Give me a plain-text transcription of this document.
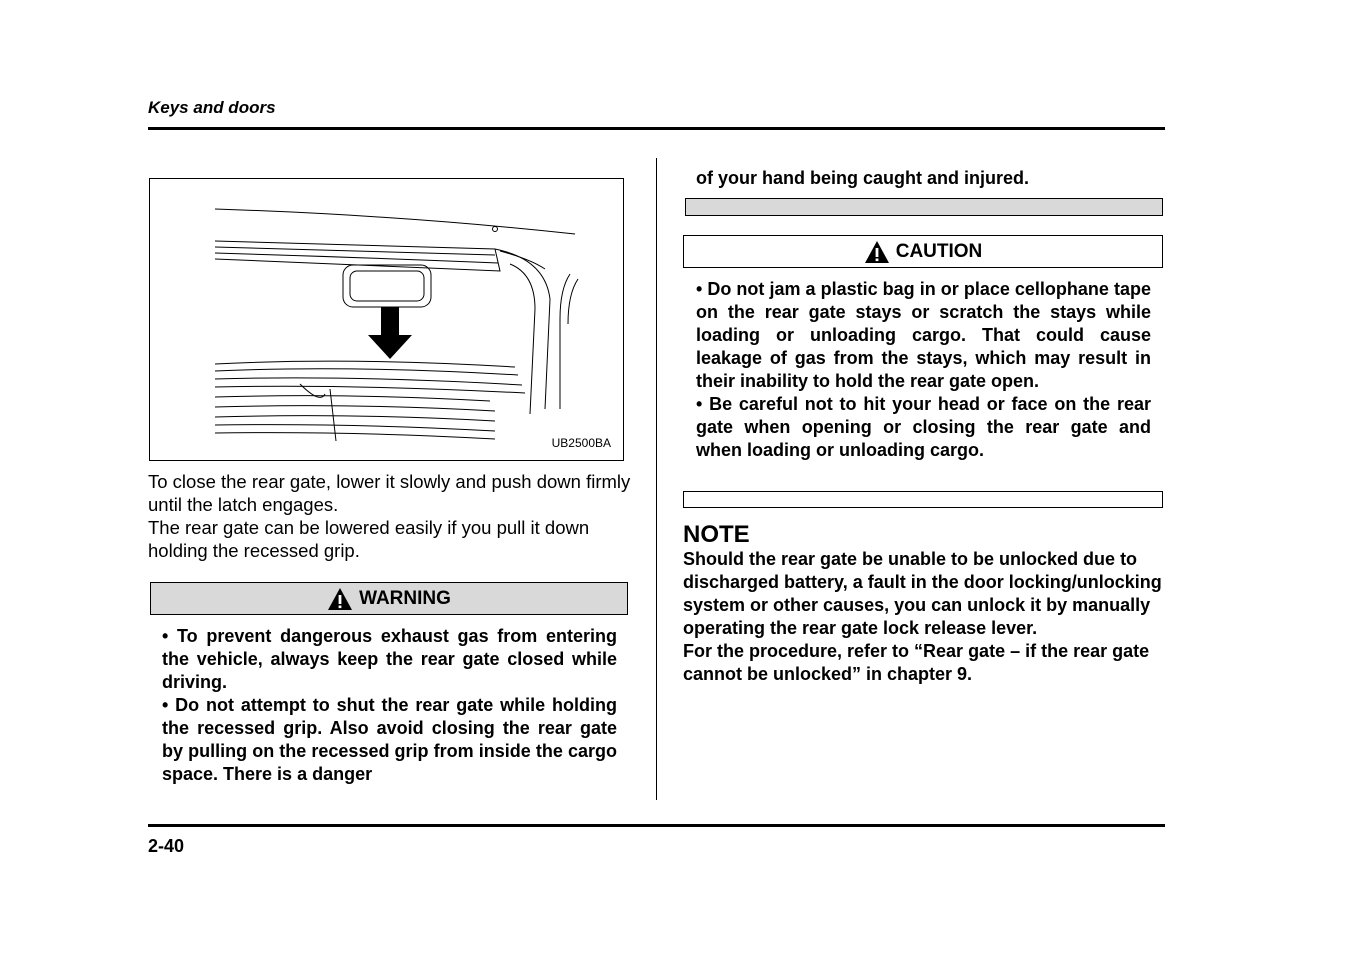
Keys and doors
UB2500BA

To close the rear gate, lower it slowly and push down firmly until the latch engages.

The rear gate can be lowered easily if you pull it down holding the recessed grip.

WARNING

• To prevent dangerous exhaust gas from entering the vehicle, always keep the rear gate closed while driving.

• Do not attempt to shut the rear gate while holding the recessed grip. Also avoid closing the rear gate by pulling on the recessed grip from inside the cargo space. There is a danger

of your hand being caught and injured.
CAUTION

• Do not jam a plastic bag in or place cellophane tape on the rear gate stays or scratch the stays while loading or unloading cargo. That could cause leakage of gas from the stays, which may result in their inability to hold the rear gate open.

• Be careful not to hit your head or face on the rear gate when opening or closing the rear gate and when loading or unloading cargo.

NOTE

Should the rear gate be unable to be unlocked due to discharged battery, a fault in the door locking/unlocking system or other causes, you can unlock it by manually operating the rear gate lock release lever.

For the procedure, refer to “Rear gate – if the rear gate cannot be unlocked” in chapter 9.

2-40
